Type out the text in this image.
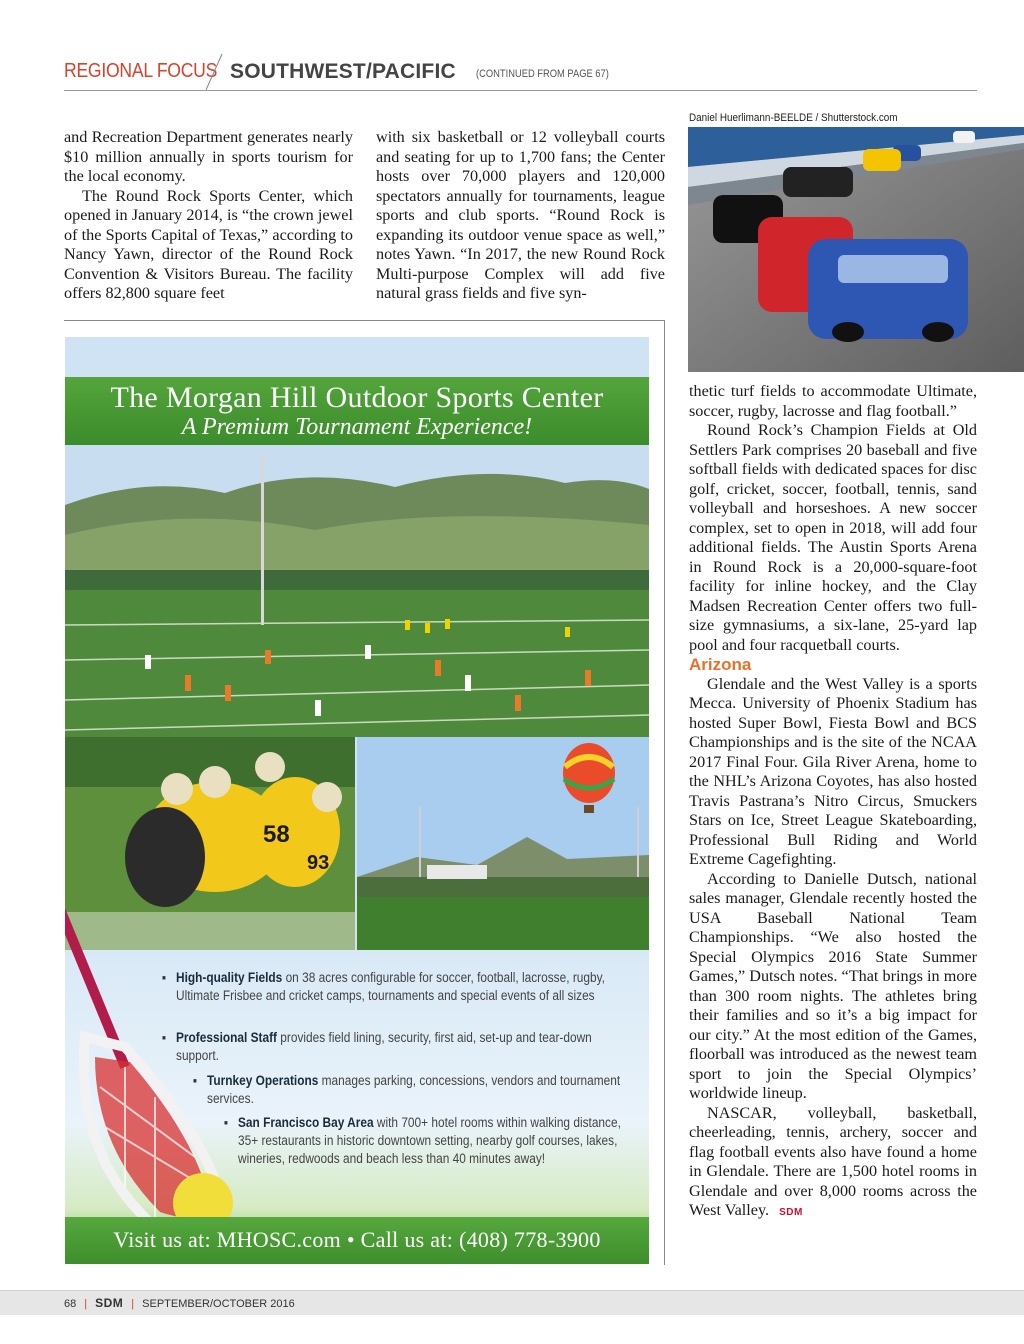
REGIONAL FOCUS SOUTHWEST/PACIFIC (CONTINUED FROM PAGE 67)

and Recreation Department generates nearly $10 million annually in sports tourism for the local economy.

The Round Rock Sports Center, which opened in January 2014, is “the crown jewel of the Sports Capital of Texas,” according to Nancy Yawn, director of the Round Rock Convention & Visitors Bureau. The facility offers 82,800 square feet

with six basketball or 12 volleyball courts and seating for up to 1,700 fans; the Center hosts over 70,000 players and 120,000 spectators annually for tournaments, league sports and club sports. “Round Rock is expanding its outdoor venue space as well,” notes Yawn. “In 2017, the new Round Rock Multi-purpose Complex will add five natural grass fields and five syn-

Daniel Huerlimann-BEELDE / Shutterstock.com

thetic turf fields to accommodate Ultimate, soccer, rugby, lacrosse and flag football.”

Round Rock’s Champion Fields at Old Settlers Park comprises 20 baseball and five softball fields with dedicated spaces for disc golf, cricket, soccer, football, tennis, sand volleyball and horseshoes. A new soccer complex, set to open in 2018, will add four additional fields. The Austin Sports Arena in Round Rock is a 20,000-square-foot facility for inline hockey, and the Clay Madsen Recreation Center offers two full-size gymnasiums, a six-lane, 25-yard lap pool and four racquetball courts.

Arizona

Glendale and the West Valley is a sports Mecca. University of Phoenix Stadium has hosted Super Bowl, Fiesta Bowl and BCS Championships and is the site of the NCAA 2017 Final Four. Gila River Arena, home to the NHL’s Arizona Coyotes, has also hosted Travis Pastrana’s Nitro Circus, Smuckers Stars on Ice, Street League Skateboarding, Professional Bull Riding and World Extreme Cagefighting.

According to Danielle Dutsch, national sales manager, Glendale recently hosted the USA Baseball National Team Championships. “We also hosted the Special Olympics 2016 State Summer Games,” Dutsch notes. “That brings in more than 300 room nights. The athletes bring their families and so it’s a big impact for our city.” At the most edition of the Games, floorball was introduced as the newest team sport to join the Special Olympics’ worldwide lineup.

NASCAR, volleyball, basketball, cheerleading, tennis, archery, soccer and flag football events also have found a home in Glendale. There are 1,500 hotel rooms in Glendale and over 8,000 rooms across the West Valley. SDM

The Morgan Hill Outdoor Sports Center
A Premium Tournament Experience!
58
93
▪ High-quality Fields on 38 acres configurable for soccer, football, lacrosse, rugby, Ultimate Frisbee and cricket camps, tournaments and special events of all sizes
▪ Professional Staff provides field lining, security, first aid, set-up and tear-down support.
▪ Turnkey Operations manages parking, concessions, vendors and tournament services.
▪ San Francisco Bay Area with 700+ hotel rooms within walking distance, 35+ restaurants in historic downtown setting, nearby golf courses, lakes, wineries, redwoods and beach less than 40 minutes away!
Visit us at: MHOSC.com • Call us at: (408) 778-3900
68 | SDM | SEPTEMBER/OCTOBER 2016
